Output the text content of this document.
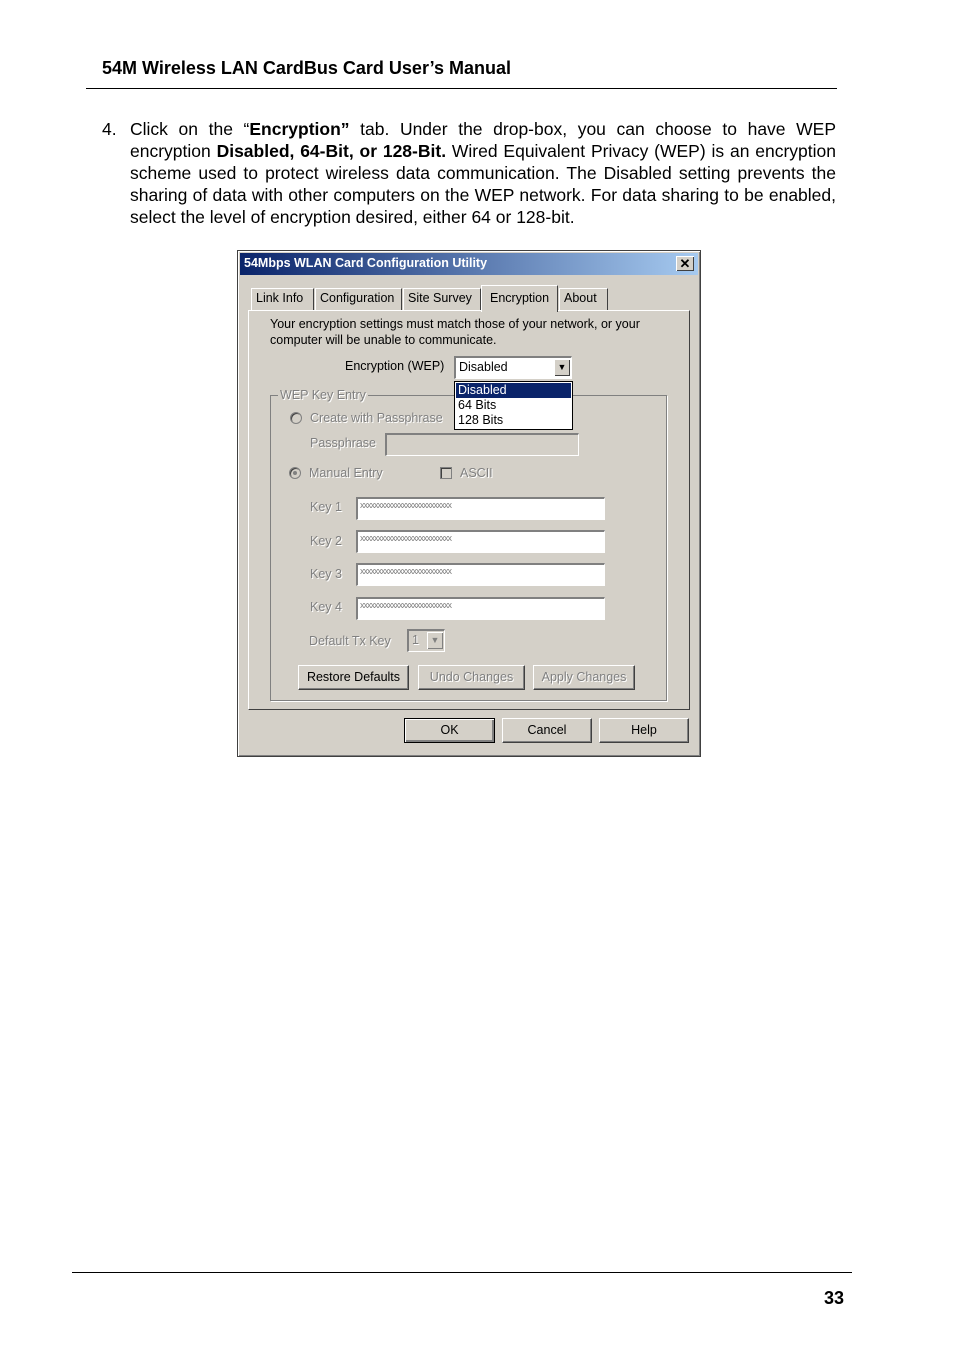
54M Wireless LAN CardBus Card User’s Manual
4. Click on the “Encryption” tab. Under the drop-box, you can choose to have WEP encryption Disabled, 64-Bit, or 128-Bit. Wired Equivalent Privacy (WEP) is an encryption scheme used to protect wireless data communication. The Disabled setting prevents the sharing of data with other computers on the WEP network. For data sharing to be enabled, select the level of encryption desired, either 64 or 128-bit.
54Mbps WLAN Card Configuration Utility	✕
Link Info	Configuration	Site Survey	Encryption	About
Your encryption settings must match those of your network, or your computer will be unable to communicate.
Encryption (WEP) Disabled	▼
Disabled
64 Bits
128 Bits
WEP Key Entry
Create with Passphrase
Passphrase
Manual Entry	ASCII
Key 1 xxxxxxxxxxxxxxxxxxxxxxxxxx
Key 2 xxxxxxxxxxxxxxxxxxxxxxxxxx
Key 3 xxxxxxxxxxxxxxxxxxxxxxxxxx
Key 4 xxxxxxxxxxxxxxxxxxxxxxxxxx
Default Tx Key 1	▼
Restore Defaults	Undo Changes	Apply Changes
OK	Cancel	Help
33
